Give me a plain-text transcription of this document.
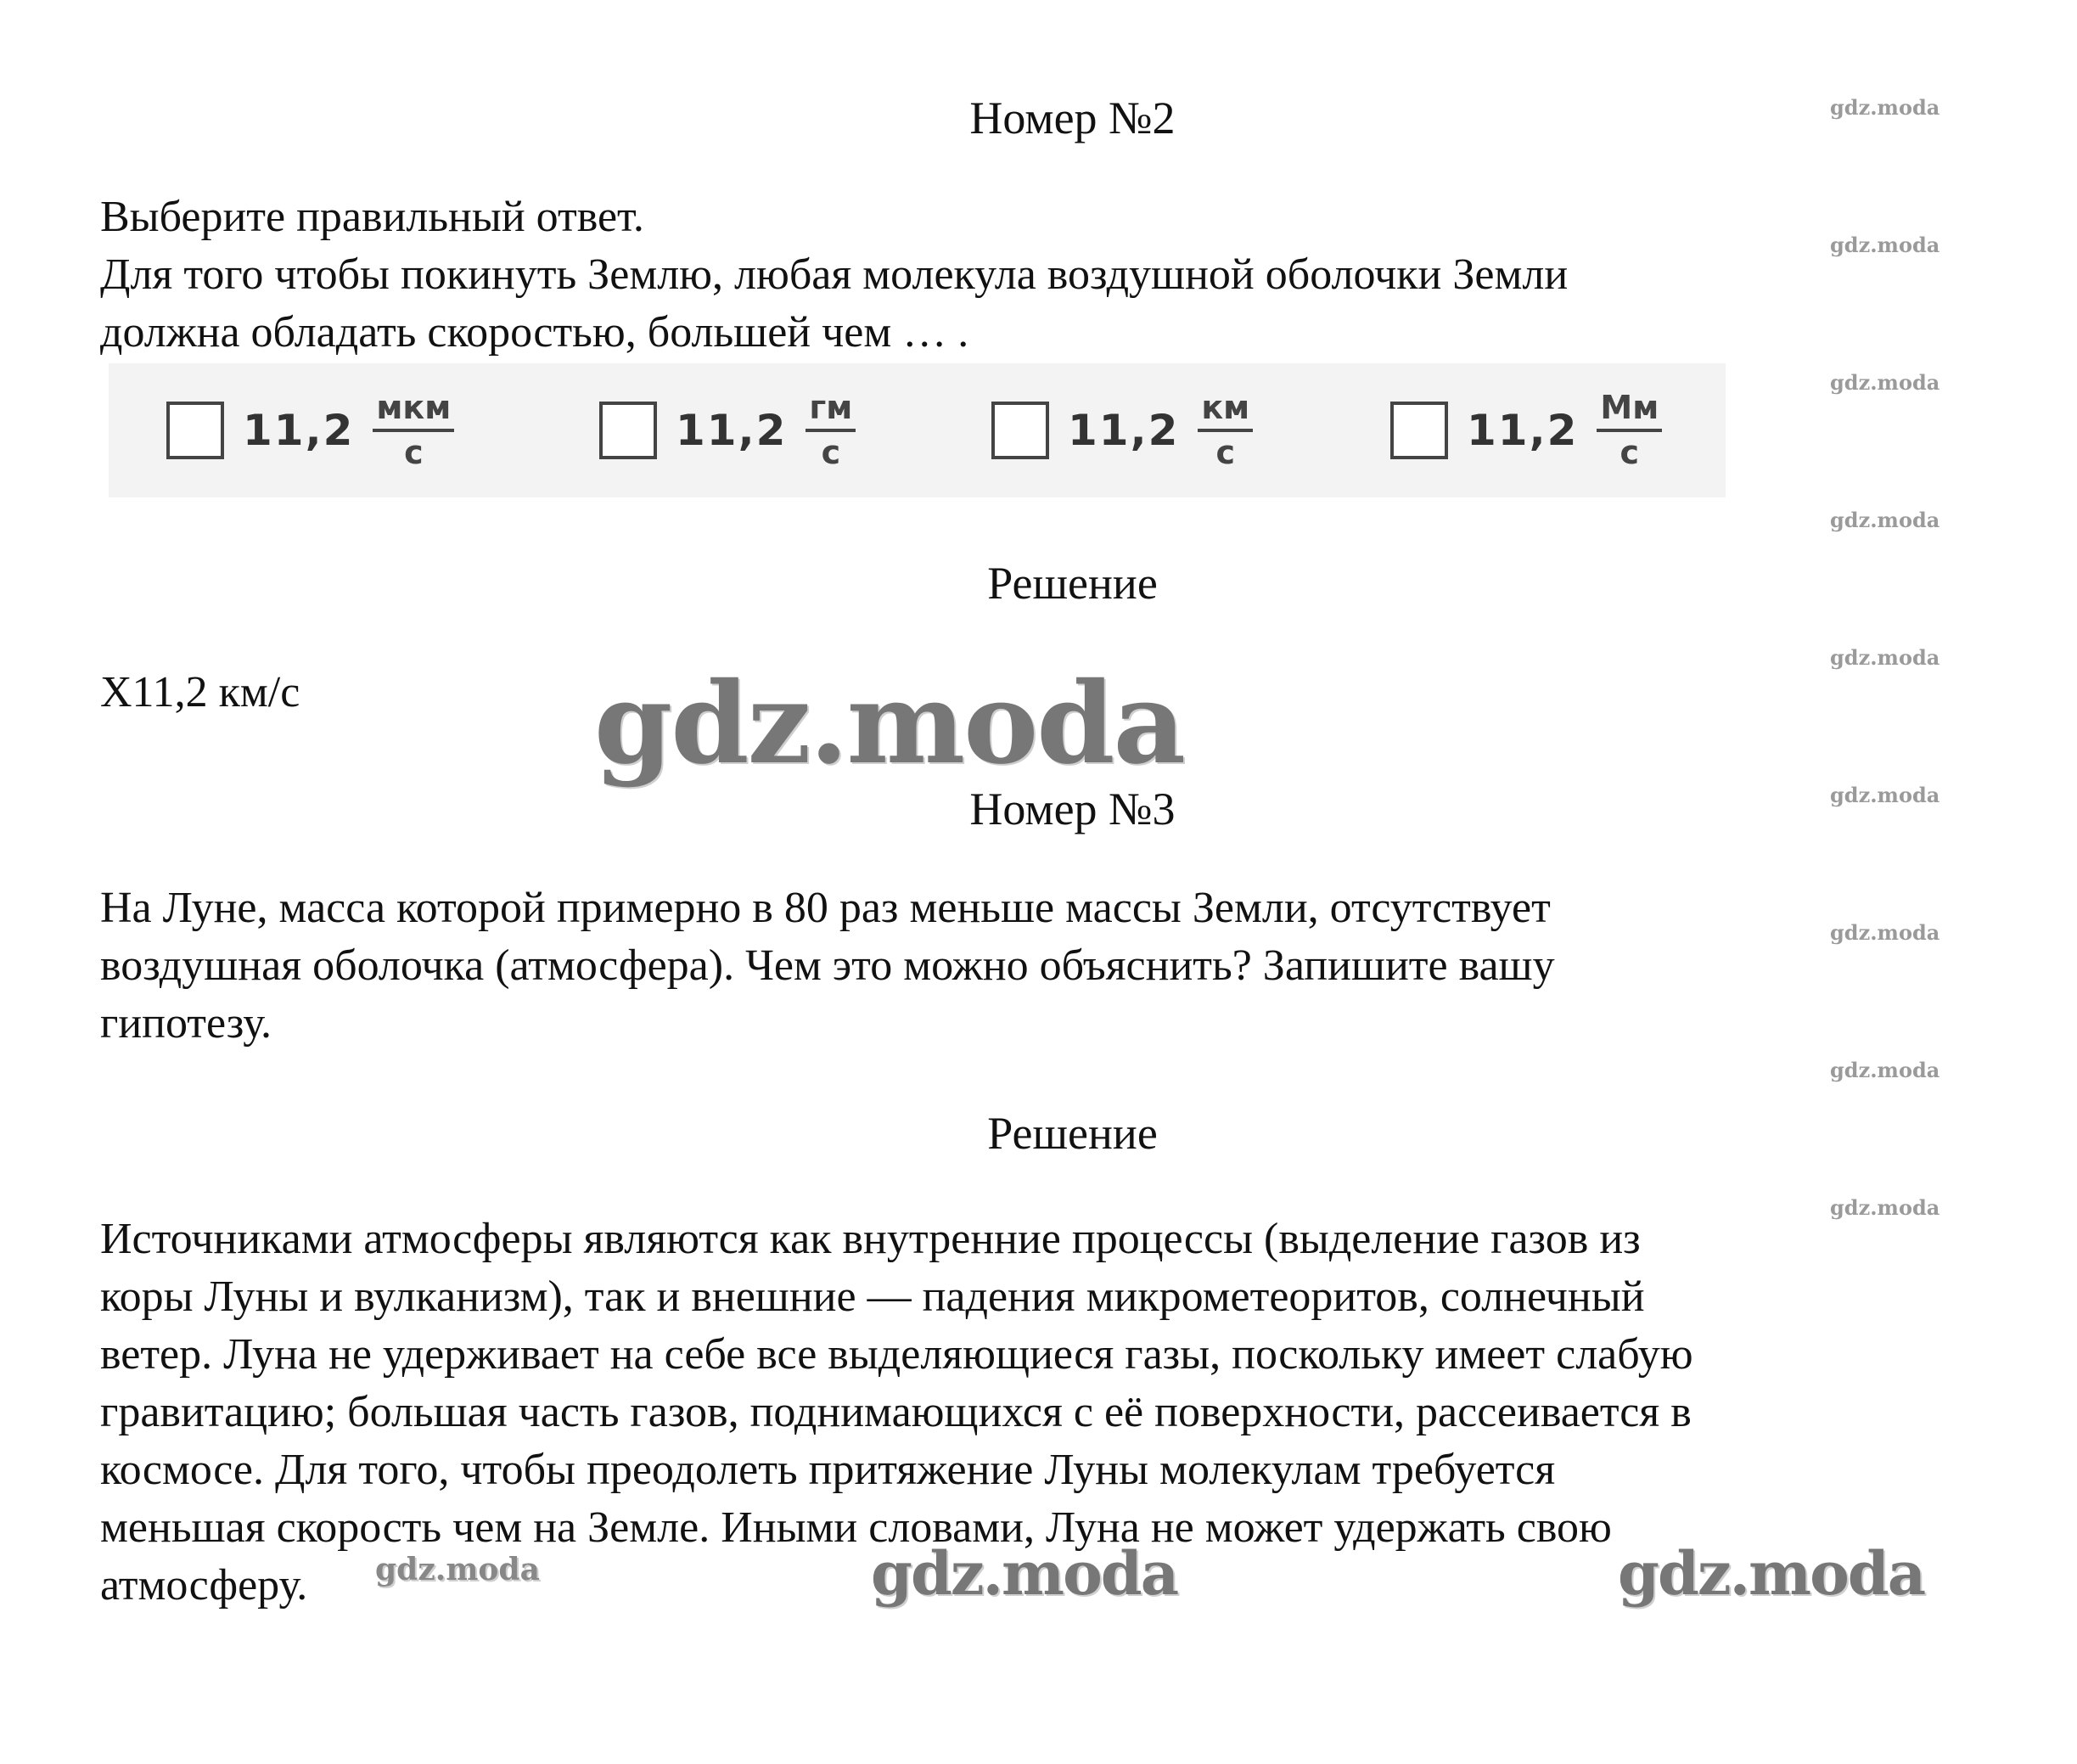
Номер №2
Выберите правильный ответ.
Для того чтобы покинуть Землю, любая молекула воздушной оболочки Земли
должна обладать скоростью, большей чем … .
$11,2 \frac{\text{мкм}}{с}$	$11,2 \frac{гм}{с}$	$11,2 \frac{км}{с}$	$11,2 \frac{Мм}{с}$
Решение
Х11,2 км/с
Номер №3
На Луне, масса которой примерно в 80 раз меньше массы Земли, отсутствует
воздушная оболочка (атмосфера). Чем это можно объяснить? Запишите вашу
гипотезу.
Решение
Источниками атмосферы являются как внутренние процессы (выделение газов из
коры Луны и вулканизм), так и внешние — падения микрометеоритов, солнечный
ветер. Луна не удерживает на себе все выделяющиеся газы, поскольку имеет слабую
гравитацию; большая часть газов, поднимающихся с её поверхности, рассеивается в
космосе. Для того, чтобы преодолеть притяжение Луны молекулам требуется
меньшая скорость чем на Земле. Иными словами, Луна не может удержать свою
атмосферу.
gdz.moda
gdz.moda
gdz.moda
gdz.moda
gdz.moda
gdz.moda
gdz.moda
gdz.moda
gdz.moda
gdz.moda
gdz.moda	gdz.moda	gdz.moda
